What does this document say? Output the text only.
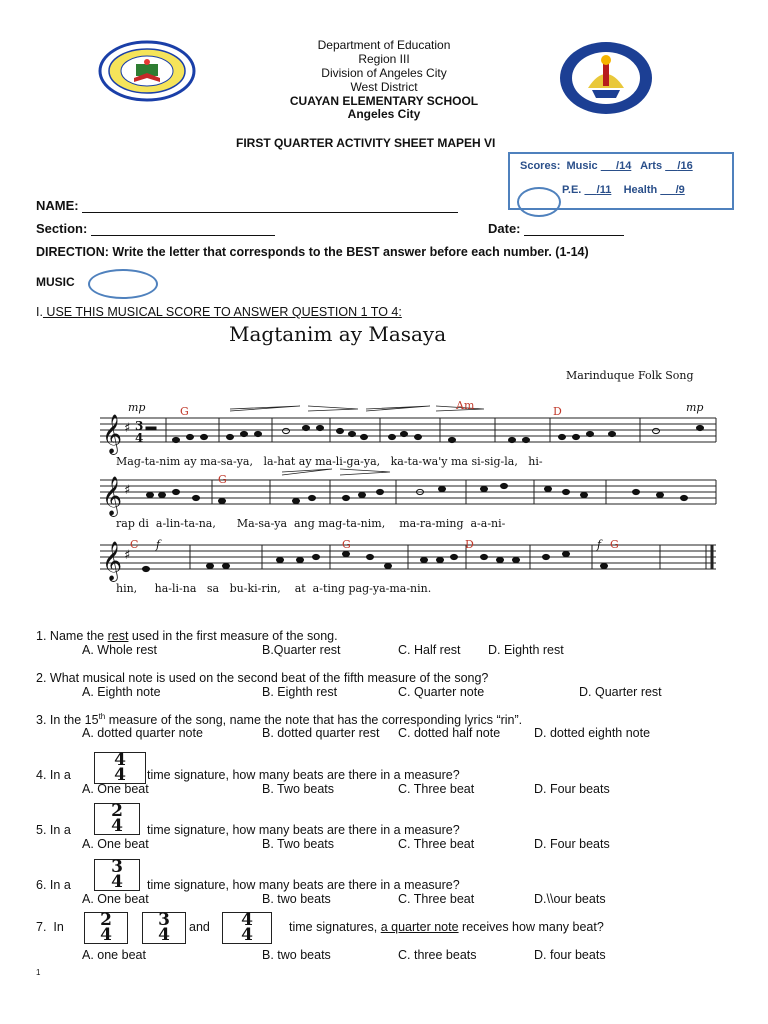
Department of Education
Region III
Division of Angeles City
West District
CUAYAN ELEMENTARY SCHOOL
Angeles City
FIRST QUARTER ACTIVITY SHEET MAPEH VI
Scores: Music /14 Arts /16
P.E. /11 Health /9
NAME:
Section:	Date:
DIRECTION: Write the letter that corresponds to the BEST answer before each number. (1-14)
MUSIC
I. USE THIS MUSICAL SCORE TO ANSWER QUESTION 1 TO 4:
Magtanim ay Masaya
Marinduque Folk Song
𝄞
𝄞
𝄞
♯
♯
♯
3
4
G	Am	D
G
C	G	D	G
mp	mp
f	f
Mag-ta-nim ay ma-sa-ya,   la-hat ay ma-li-ga-ya,   ka-ta-wa'y ma si-sig-la,   hi-
rap di  a-lin-ta-na,      Ma-sa-ya  ang mag-ta-nim,    ma-ra-ming  a-a-ni-
hin,     ha-li-na   sa   bu-ki-rin,    at  a-ting pag-ya-ma-nin.
1. Name the rest used in the first measure of the song.
A. Whole rest	B.Quarter rest	C. Half rest D. Eighth rest
2. What musical note is used on the second beat of the fifth measure of the song?
A. Eighth note	B. Eighth rest	C. Quarter note	D. Quarter rest
3. In the 15th measure of the song, name the note that has the corresponding lyrics “rin”.
A. dotted quarter note	B. dotted quarter rest C. dotted half note	D. dotted eighth note
4. In a
4
4	time signature, how many beats are there in a measure?
A. One beat	B. Two beats	C. Three beat	D. Four beats
5. In a
2
4	time signature, how many beats are there in a measure?
A. One beat	B. Two beats	C. Three beat	D. Four beats
6. In a
3
4	time signature, how many beats are there in a measure?
A. One beat	B. two beats	C. Three beat	D.\\our beats
7. In	2
4
3
4	and	4
4	time signatures, a quarter note receives how many beat?
A. one beat	B. two beats	C. three beats	D. four beats
1
